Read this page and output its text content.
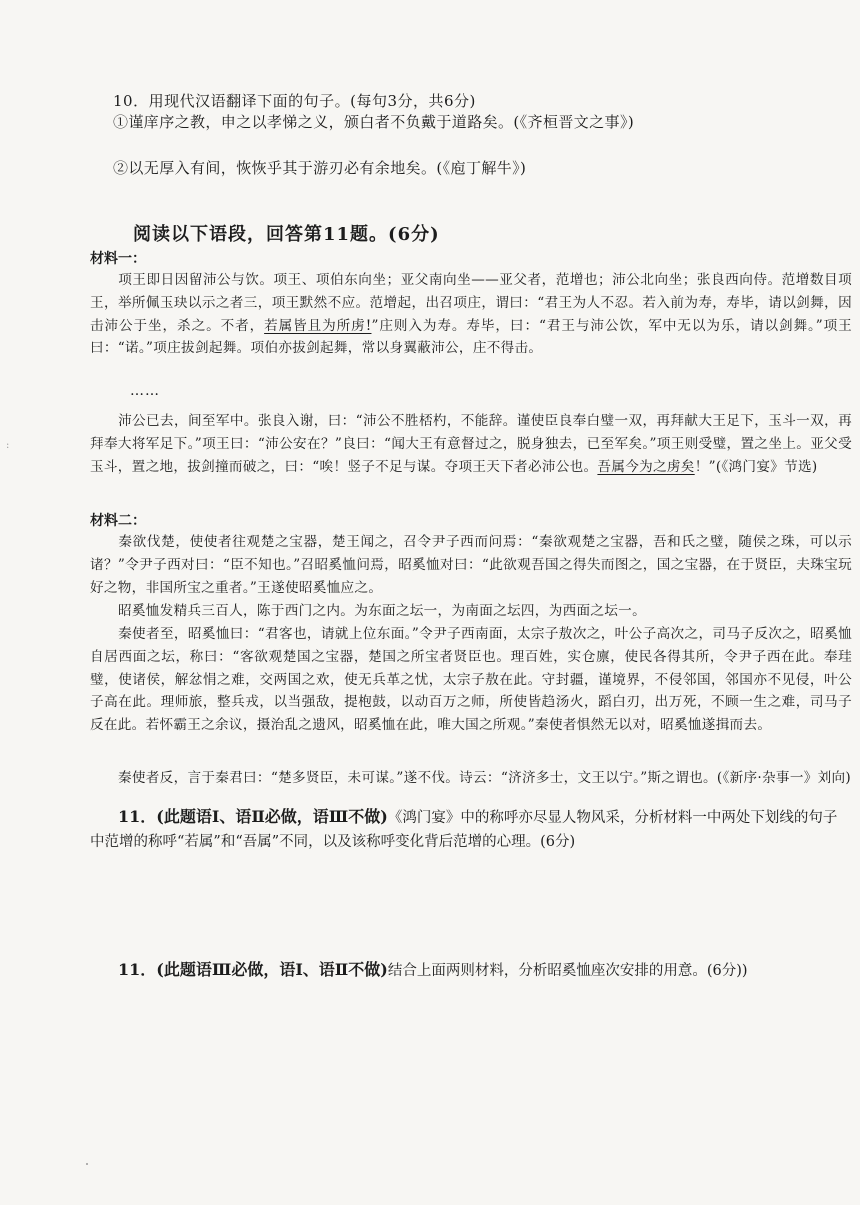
10．用现代汉语翻译下面的句子。(每句3分，共6分)
①谨庠序之教，申之以孝悌之义，颁白者不负戴于道路矣。(《齐桓晋文之事》)
②以无厚入有间，恢恢乎其于游刃必有余地矣。(《庖丁解牛》)
阅读以下语段，回答第11题。(6分)
材料一：
项王即日因留沛公与饮。项王、项伯东向坐；亚父南向坐——亚父者，范增也；沛公北向坐；张良西向侍。范增数目项王，举所佩玉玦以示之者三，项王默然不应。范增起，出召项庄，谓曰：“君王为人不忍。若入前为寿，寿毕，请以剑舞，因击沛公于坐，杀之。不者，若属皆且为所虏!”庄则入为寿。寿毕，曰：“君王与沛公饮，军中无以为乐，请以剑舞。”项王曰：“诺。”项庄拔剑起舞。项伯亦拔剑起舞，常以身翼蔽沛公，庄不得击。
……
沛公已去，间至军中。张良入谢，曰：“沛公不胜桮杓，不能辞。谨使臣良奉白璧一双，再拜献大王足下，玉斗一双，再拜奉大将军足下。”项王曰：“沛公安在？”良曰：“闻大王有意督过之，脱身独去，已至军矣。”项王则受璧，置之坐上。亚父受玉斗，置之地，拔剑撞而破之，曰：“唉！竖子不足与谋。夺项王天下者必沛公也。吾属今为之虏矣！”(《鸿门宴》节选)
材料二：
秦欲伐楚，使使者往观楚之宝器，楚王闻之，召令尹子西而问焉：“秦欲观楚之宝器，吾和氏之璧，随侯之珠，可以示诸？”令尹子西对曰：“臣不知也。”召昭奚恤问焉，昭奚恤对曰：“此欲观吾国之得失而图之，国之宝器，在于贤臣，夫珠宝玩好之物，非国所宝之重者。”王遂使昭奚恤应之。
昭奚恤发精兵三百人，陈于西门之内。为东面之坛一，为南面之坛四，为西面之坛一。
秦使者至，昭奚恤曰：“君客也，请就上位东面。”令尹子西南面，太宗子敖次之，叶公子高次之，司马子反次之，昭奚恤自居西面之坛，称曰：“客欲观楚国之宝器，楚国之所宝者贤臣也。理百姓，实仓廪，使民各得其所，令尹子西在此。奉珪璧，使诸侯，解忿悁之难，交两国之欢，使无兵革之忧，太宗子敖在此。守封疆，谨境界，不侵邻国，邻国亦不见侵，叶公子高在此。理师旅，整兵戎，以当强敌，提枹鼓，以动百万之师，所使皆趋汤火，蹈白刃，出万死，不顾一生之难，司马子反在此。若怀霸王之余议，摄治乱之遗风，昭奚恤在此，唯大国之所观。”秦使者惧然无以对，昭奚恤遂揖而去。
秦使者反，言于秦君曰：“楚多贤臣，未可谋。”遂不伐。诗云：“济济多士，文王以宁。”斯之谓也。(《新序·杂事一》刘向)
11．(此题语Ⅰ、语Ⅱ必做，语Ⅲ不做)《鸿门宴》中的称呼亦尽显人物风采，分析材料一中两处下划线的句子中范增的称呼“若属”和“吾属”不同，以及该称呼变化背后范增的心理。(6分)
11．(此题语Ⅲ必做，语Ⅰ、语Ⅱ不做)结合上面两则材料，分析昭奚恤座次安排的用意。(6分))
:
